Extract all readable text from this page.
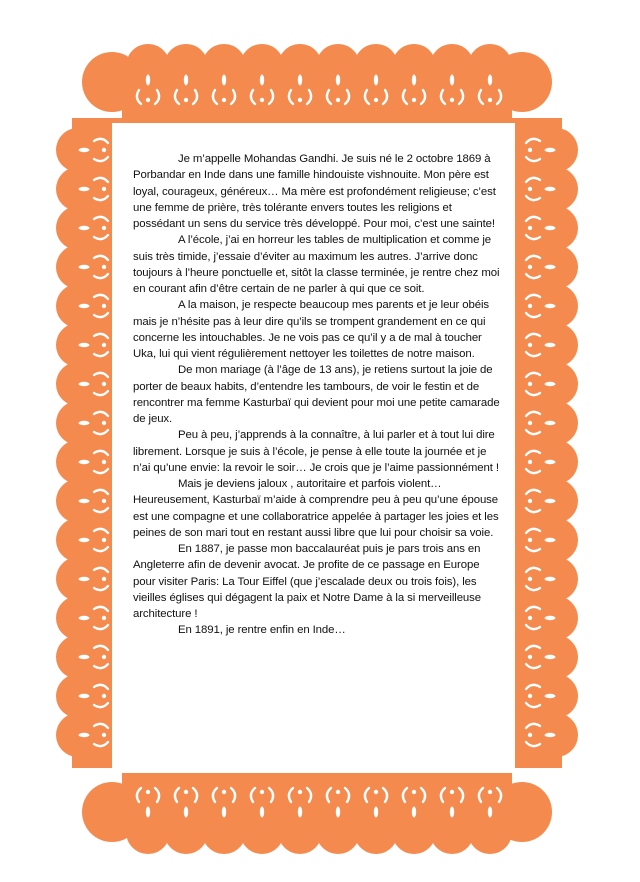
Je m’appelle Mohandas Gandhi. Je suis né le 2 octobre 1869 à Porbandar en Inde dans une famille hindouiste vishnouite. Mon père est loyal, courageux, généreux… Ma mère est profondément religieuse; c’est une femme de prière, très tolérante envers toutes les religions et possédant un sens du service très développé. Pour moi, c’est une sainte!

A l’école, j’ai en horreur les tables de multiplication et comme je suis très timide, j’essaie d’éviter au maximum les autres. J’arrive donc toujours à l’heure ponctuelle et, sitôt la classe terminée, je rentre chez moi en courant afin d’être certain de ne parler à qui que ce soit.

A la maison, je respecte beaucoup mes parents et je leur obéis mais je n’hésite pas à leur dire qu’ils se trompent grandement en ce qui concerne les intouchables. Je ne vois pas ce qu’il y a de mal à toucher Uka, lui qui vient régulièrement nettoyer les toilettes de notre maison.

De mon mariage (à l’âge de 13 ans), je retiens surtout la joie de porter de beaux habits, d’entendre les tambours, de voir le festin et de rencontrer ma femme Kasturbaï qui devient pour moi une petite camarade de jeux.

Peu à peu, j’apprends à la connaître, à lui parler et à tout lui dire librement. Lorsque je suis à l’école, je pense à elle toute la journée et je n’ai qu’une envie: la revoir le soir… Je crois que je l’aime passionnément !

Mais je deviens jaloux , autoritaire et parfois violent… Heureusement, Kasturbaï m’aide à comprendre peu à peu qu’une épouse est une compagne et une collaboratrice appelée à partager les joies et les peines de son mari tout en restant aussi libre que lui pour choisir sa voie.

En 1887, je passe mon baccalauréat puis je pars trois ans en Angleterre afin de devenir avocat. Je profite de ce passage en Europe pour visiter Paris: La Tour Eiffel (que j’escalade deux ou trois fois), les vieilles églises qui dégagent la paix et Notre Dame à la si merveilleuse architecture !

En 1891, je rentre enfin en Inde…
